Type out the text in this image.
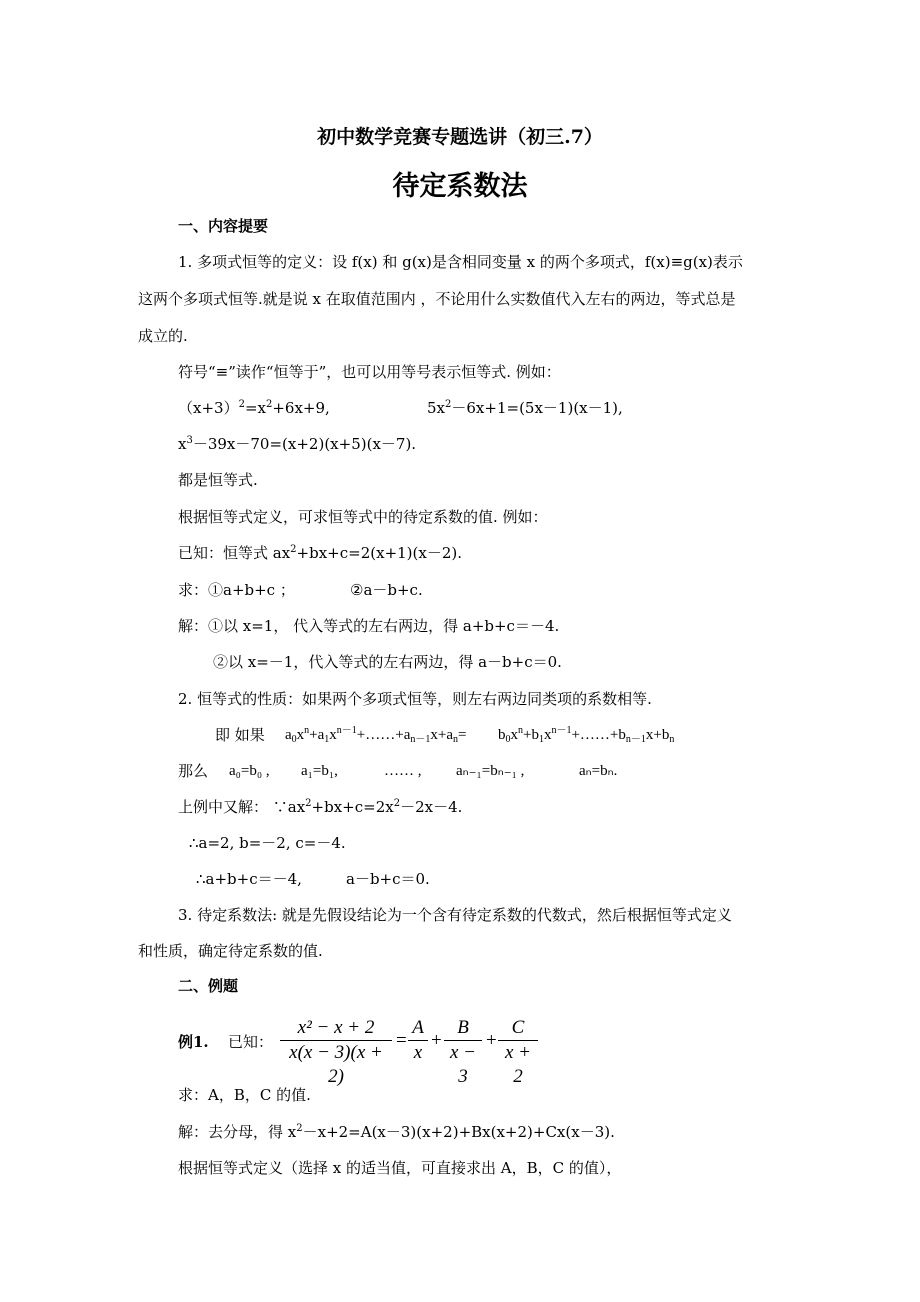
初中数学竞赛专题选讲（初三.7）
待定系数法
一、内容提要
1. 多项式恒等的定义：设 f(x) 和 g(x)是含相同变量 x 的两个多项式，f(x)≡g(x)表示
这两个多项式恒等.就是说 x 在取值范围内 ，不论用什么实数值代入左右的两边，等式总是
成立的.
符号“≡”读作“恒等于”，也可以用等号表示恒等式. 例如：
$(x+3)^2=x^2+6x+9$,	$5x^2-6x+1=(5x-1)(x-1)$,
$x^3-39x-70=(x+2)(x+5)(x-7)$.
都是恒等式.
根据恒等式定义，可求恒等式中的待定系数的值. 例如：
已知：恒等式 $ax^2+bx+c=2(x+1)(x-2)$.
求：①a+b+c ；	②a－b+c.
解：①以 x=1， 代入等式的左右两边，得 a+b+c＝－4.
②以 x=－1，代入等式的左右两边，得 a－b+c＝0.
2. 恒等式的性质：如果两个多项式恒等，则左右两边同类项的系数相等.
即 如果 $a_0x^n+a_1x^{n-1}+\dots\dots+a_{n-1}x+a_n=$ $b_0x^n+b_1x^{n-1}+\dots\dots+b_{n-1}x+b_n$
那么 a₀=b₀ , a₁=b₁,	…… , aₙ₋₁=bₙ₋₁ ,	aₙ=bₙ.
上例中又解： $\because ax^2+bx+c=2x^2-2x-4$.
∴a=2, b=－2, c=－4.
∴a+b+c＝－4,	a－b+c＝0.
3. 待定系数法: 就是先假设结论为一个含有待定系数的代数式，然后根据恒等式定义
和性质，确定待定系数的值.
二、例题
例1. 已知：
x² − x + 2
x(x − 3)(x + 2)
=
A
x
+
B
x − 3
+
C
x + 2
求：A，B，C 的值.
解：去分母，得 $x^2-x+2=A(x-3)(x+2)+Bx(x+2)+Cx(x-3)$.
根据恒等式定义（选择 x 的适当值，可直接求出 A，B，C 的值），
